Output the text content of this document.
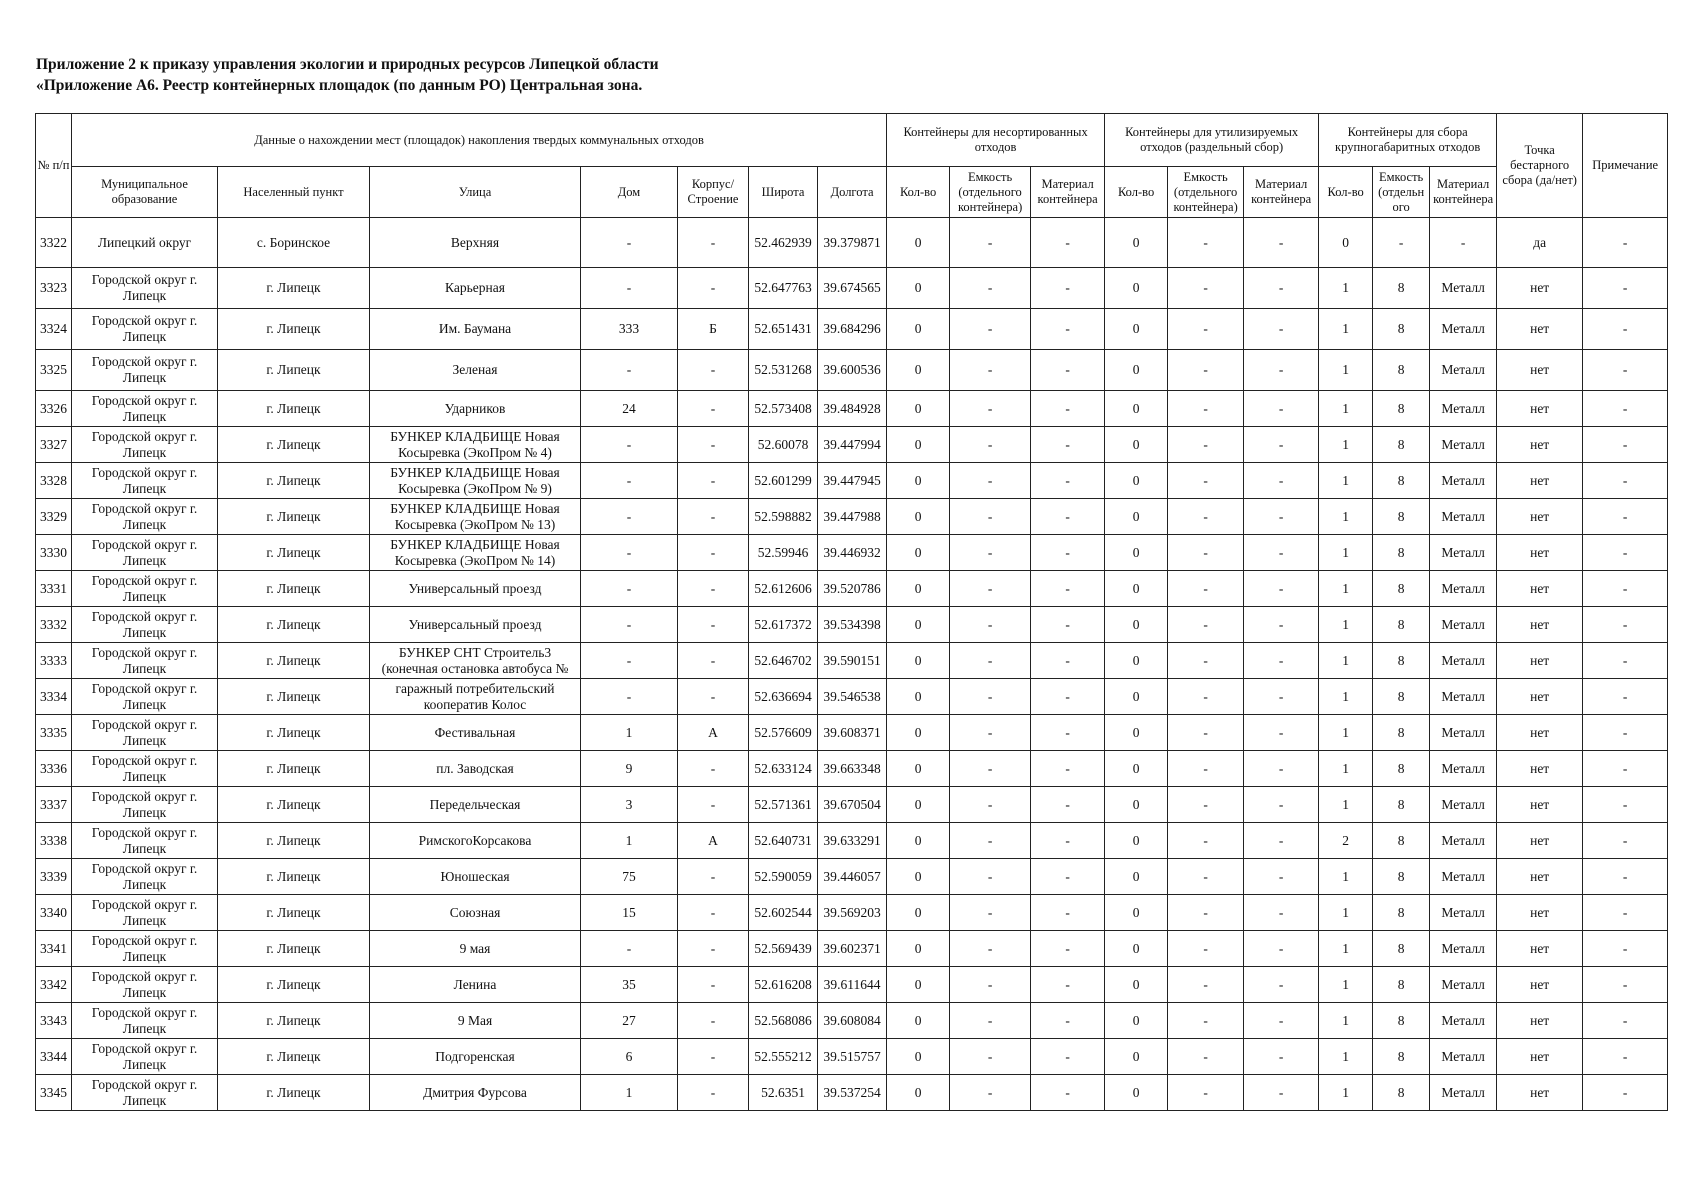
Приложение 2 к приказу управления экологии и природных ресурсов Липецкой области
«Приложение А6. Реестр контейнерных площадок (по данным РО) Центральная зона.
№ п/п	Данные о нахождении мест (площадок) накопления твердых коммунальных отходов							Контейнеры для несортированных отходов			Контейнеры для утилизируемых отходов (раздельный сбор)			Контейнеры для сбора крупногабаритных отходов			Точка бестарного сбора (да/нет)	Примечание
	Муниципальное образование	Населенный пункт	Улица	Дом	Корпус/ Строение	Широта	Долгота	Кол-во	Емкость (отдельного контейнера)	Материал контейнера	Кол-во	Емкость (отдельного контейнера)	Материал контейнера	Кол-во	Емкость (отдельн ого	Материал контейнера		
3322	Липецкий округ	с. Боринское	Верхняя	-	-	52.462939	39.379871	0	-	-	0	-	-	0	-	-	да	-
3323	Городской округ г. Липецк	г. Липецк	Карьерная	-	-	52.647763	39.674565	0	-	-	0	-	-	1	8	Металл	нет	-
3324	Городской округ г. Липецк	г. Липецк	Им. Баумана	333	Б	52.651431	39.684296	0	-	-	0	-	-	1	8	Металл	нет	-
3325	Городской округ г. Липецк	г. Липецк	Зеленая	-	-	52.531268	39.600536	0	-	-	0	-	-	1	8	Металл	нет	-
3326	Городской округ г. Липецк	г. Липецк	Ударников	24	-	52.573408	39.484928	0	-	-	0	-	-	1	8	Металл	нет	-
3327	Городской округ г. Липецк	г. Липецк	БУНКЕР КЛАДБИЩЕ Новая Косыревка (ЭкоПром № 4)	-	-	52.60078	39.447994	0	-	-	0	-	-	1	8	Металл	нет	-
3328	Городской округ г. Липецк	г. Липецк	БУНКЕР КЛАДБИЩЕ Новая Косыревка (ЭкоПром № 9)	-	-	52.601299	39.447945	0	-	-	0	-	-	1	8	Металл	нет	-
3329	Городской округ г. Липецк	г. Липецк	БУНКЕР КЛАДБИЩЕ Новая Косыревка (ЭкоПром № 13)	-	-	52.598882	39.447988	0	-	-	0	-	-	1	8	Металл	нет	-
3330	Городской округ г. Липецк	г. Липецк	БУНКЕР КЛАДБИЩЕ Новая Косыревка (ЭкоПром № 14)	-	-	52.59946	39.446932	0	-	-	0	-	-	1	8	Металл	нет	-
3331	Городской округ г. Липецк	г. Липецк	Универсальный проезд	-	-	52.612606	39.520786	0	-	-	0	-	-	1	8	Металл	нет	-
3332	Городской округ г. Липецк	г. Липецк	Универсальный проезд	-	-	52.617372	39.534398	0	-	-	0	-	-	1	8	Металл	нет	-
3333	Городской округ г. Липецк	г. Липецк	БУНКЕР СНТ Строитель3 (конечная остановка автобуса №	-	-	52.646702	39.590151	0	-	-	0	-	-	1	8	Металл	нет	-
3334	Городской округ г. Липецк	г. Липецк	гаражный потребительский кооператив Колос	-	-	52.636694	39.546538	0	-	-	0	-	-	1	8	Металл	нет	-
3335	Городской округ г. Липецк	г. Липецк	Фестивальная	1	А	52.576609	39.608371	0	-	-	0	-	-	1	8	Металл	нет	-
3336	Городской округ г. Липецк	г. Липецк	пл. Заводская	9	-	52.633124	39.663348	0	-	-	0	-	-	1	8	Металл	нет	-
3337	Городской округ г. Липецк	г. Липецк	Передельческая	3	-	52.571361	39.670504	0	-	-	0	-	-	1	8	Металл	нет	-
3338	Городской округ г. Липецк	г. Липецк	РимскогоКорсакова	1	А	52.640731	39.633291	0	-	-	0	-	-	2	8	Металл	нет	-
3339	Городской округ г. Липецк	г. Липецк	Юношеская	75	-	52.590059	39.446057	0	-	-	0	-	-	1	8	Металл	нет	-
3340	Городской округ г. Липецк	г. Липецк	Союзная	15	-	52.602544	39.569203	0	-	-	0	-	-	1	8	Металл	нет	-
3341	Городской округ г. Липецк	г. Липецк	9 мая	-	-	52.569439	39.602371	0	-	-	0	-	-	1	8	Металл	нет	-
3342	Городской округ г. Липецк	г. Липецк	Ленина	35	-	52.616208	39.611644	0	-	-	0	-	-	1	8	Металл	нет	-
3343	Городской округ г. Липецк	г. Липецк	9 Мая	27	-	52.568086	39.608084	0	-	-	0	-	-	1	8	Металл	нет	-
3344	Городской округ г. Липецк	г. Липецк	Подгоренская	6	-	52.555212	39.515757	0	-	-	0	-	-	1	8	Металл	нет	-
3345	Городской округ г. Липецк	г. Липецк	Дмитрия Фурсова	1	-	52.6351	39.537254	0	-	-	0	-	-	1	8	Металл	нет	-
